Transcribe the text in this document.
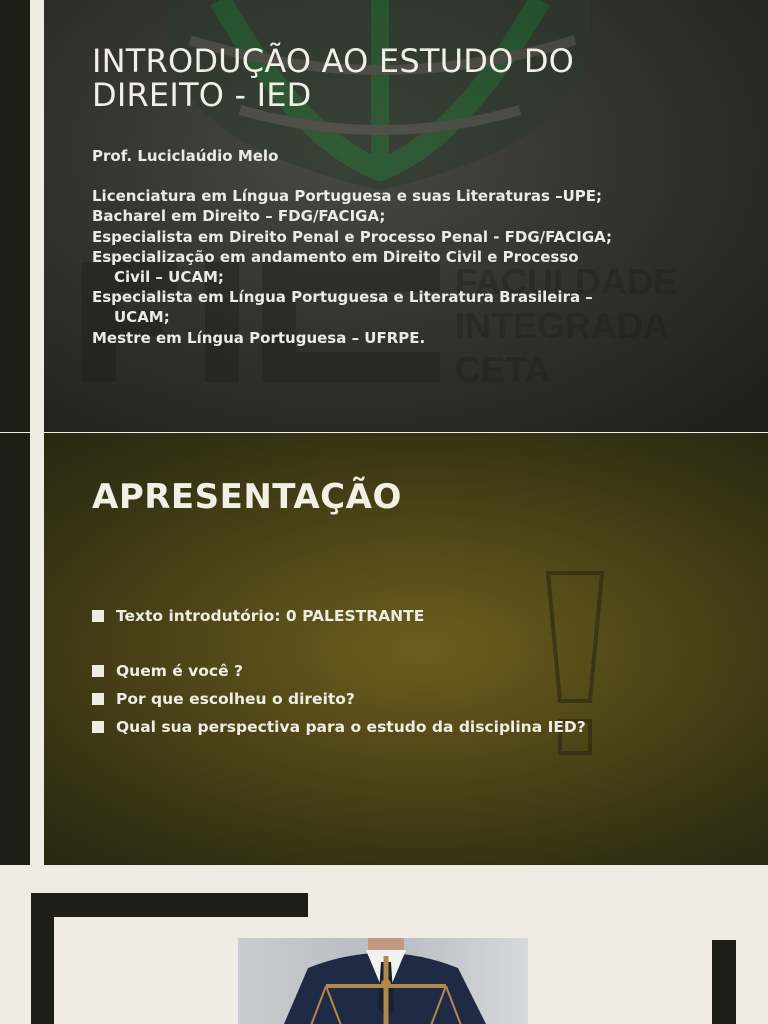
FACULDADE
INTEGRADA
CETA
INTRODUÇÃO AO ESTUDO DO
DIREITO - IED
Prof. Luciclaúdio Melo
Licenciatura em Língua Portuguesa e suas Literaturas –UPE;
Bacharel em Direito – FDG/FACIGA;
Especialista em Direito Penal e Processo Penal - FDG/FACIGA;
Especialização em andamento em Direito Civil e Processo
Civil – UCAM;
Especialista em Língua Portuguesa e Literatura Brasileira –
UCAM;
Mestre em Língua Portuguesa – UFRPE.
APRESENTAÇÃO
Texto introdutório: 0 PALESTRANTE
Quem é você ?
Por que escolheu o direito?
Qual sua perspectiva para o estudo da disciplina IED?
